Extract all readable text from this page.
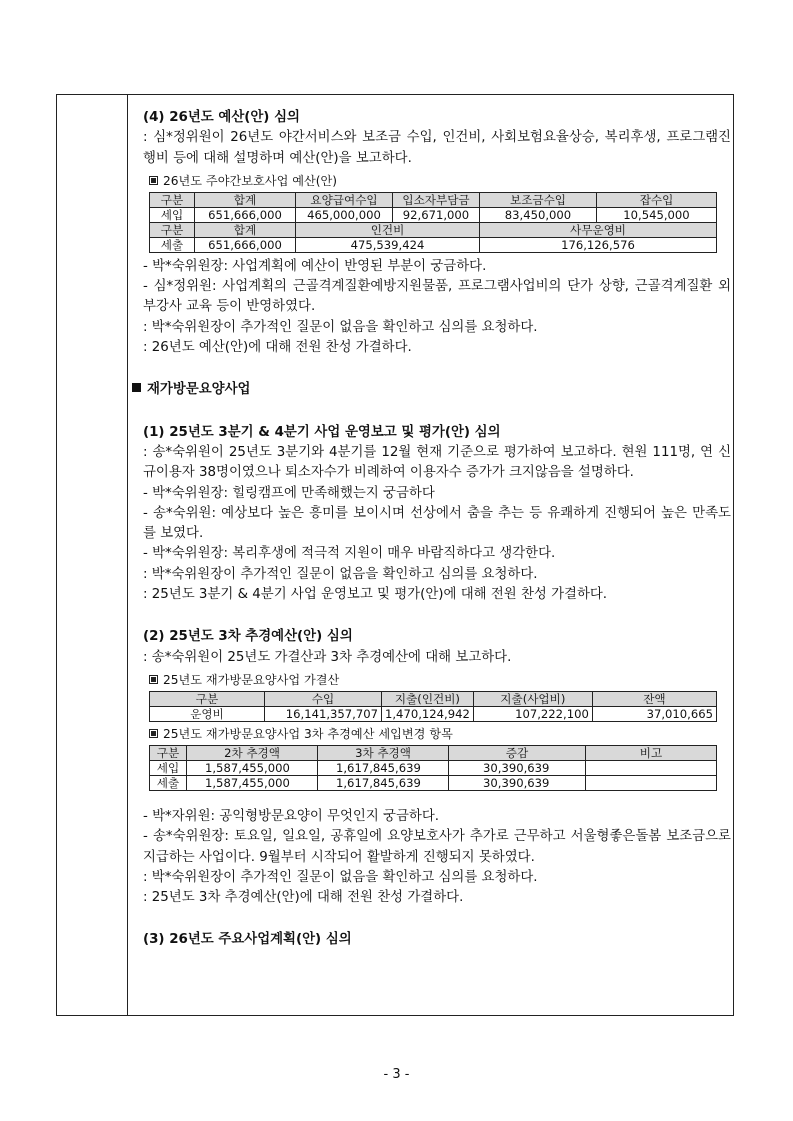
(4) 26년도 예산(안) 심의

: 심*정위원이 26년도 야간서비스와 보조금 수입, 인건비, 사회보험요율상승, 복리후생, 프로그램진행비 등에 대해 설명하며 예산(안)을 보고하다.

26년도 주야간보호사업 예산(안)
구분	합계	요양급여수입	입소자부담금	보조금수입	잡수입
세입	651,666,000	465,000,000	92,671,000	83,450,000	10,545,000
구분	합계	인건비		사무운영비	
세출	651,666,000	475,539,424		176,126,576	

- 박*숙위원장: 사업계획에 예산이 반영된 부분이 궁금하다.

- 심*정위원: 사업계획의 근골격계질환예방지원물품, 프로그램사업비의 단가 상향, 근골격계질환 외부강사 교육 등이 반영하였다.

: 박*숙위원장이 추가적인 질문이 없음을 확인하고 심의를 요청하다.

: 26년도 예산(안)에 대해 전원 찬성 가결하다.

재가방문요양사업

(1) 25년도 3분기 & 4분기 사업 운영보고 및 평가(안) 심의

: 송*숙위원이 25년도 3분기와 4분기를 12월 현재 기준으로 평가하여 보고하다. 현원 111명, 연 신규이용자 38명이였으나 퇴소자수가 비례하여 이용자수 증가가 크지않음을 설명하다.

- 박*숙위원장: 힐링캠프에 만족해했는지 궁금하다

- 송*숙위원: 예상보다 높은 흥미를 보이시며 선상에서 춤을 추는 등 유쾌하게 진행되어 높은 만족도를 보였다.

- 박*숙위원장: 복리후생에 적극적 지원이 매우 바람직하다고 생각한다.

: 박*숙위원장이 추가적인 질문이 없음을 확인하고 심의를 요청하다.

: 25년도 3분기 & 4분기 사업 운영보고 및 평가(안)에 대해 전원 찬성 가결하다.

(2) 25년도 3차 추경예산(안) 심의

: 송*숙위원이 25년도 가결산과 3차 추경예산에 대해 보고하다.

25년도 재가방문요양사업 가결산
구분	수입	지출(인건비)	지출(사업비)	잔액
운영비	16,141,357,707	1,470,124,942	107,222,100	37,010,665
25년도 재가방문요양사업 3차 추경예산 세입변경 항목
구분	2차 추경액	3차 추경액	증감	비고
세입	1,587,455,000	1,617,845,639	30,390,639	
세출	1,587,455,000	1,617,845,639	30,390,639	

- 박*자위원: 공익형방문요양이 무엇인지 궁금하다.

- 송*숙위원장: 토요일, 일요일, 공휴일에 요양보호사가 추가로 근무하고 서울형좋은돌봄 보조금으로 지급하는 사업이다. 9월부터 시작되어 활발하게 진행되지 못하였다.

: 박*숙위원장이 추가적인 질문이 없음을 확인하고 심의를 요청하다.

: 25년도 3차 추경예산(안)에 대해 전원 찬성 가결하다.

(3) 26년도 주요사업계획(안) 심의

- 3 -
